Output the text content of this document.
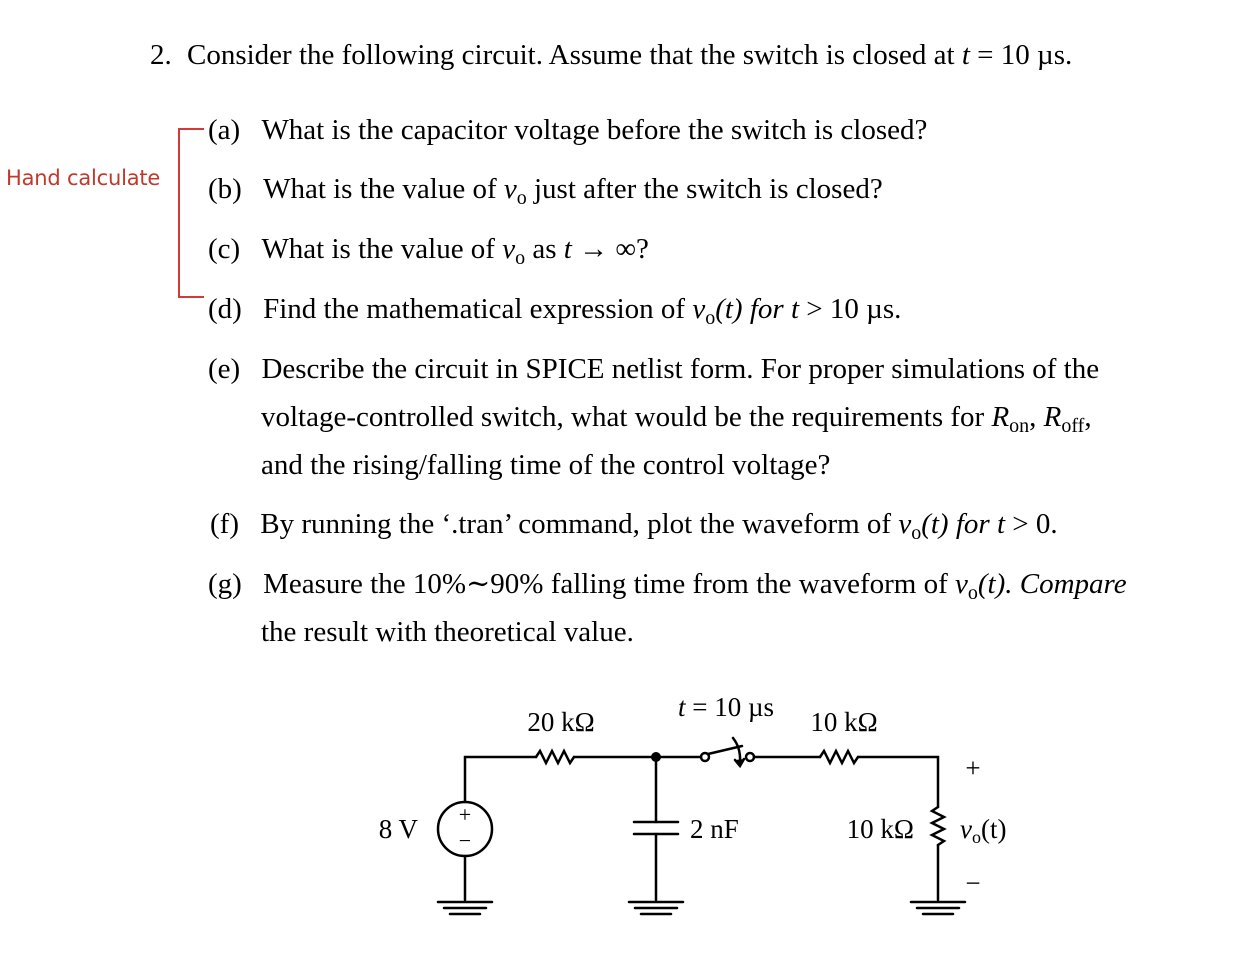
2. Consider the following circuit. Assume that the switch is closed at t = 10 µs.
Hand calculate
(a) What is the capacitor voltage before the switch is closed?
(b) What is the value of $v_o$ just after the switch is closed?
(c) What is the value of $v_o$ as t → ∞?
(d) Find the mathematical expression of $v_o(t)$ for t > 10 µs.
(e) Describe the circuit in SPICE netlist form. For proper simulations of the
voltage-controlled switch, what would be the requirements for $R_{on}$, $R_{off}$,
and the rising/falling time of the control voltage?
(f) By running the ‘.tran’ command, plot the waveform of $v_o(t)$ for t > 0.
(g) Measure the 10%∼90% falling time from the waveform of $v_o(t)$. Compare
the result with theoretical value.
+
−
8 V
20 kΩ	t = 10 µs 10 kΩ
2 nF	10 kΩ
+
vo(t)
−
